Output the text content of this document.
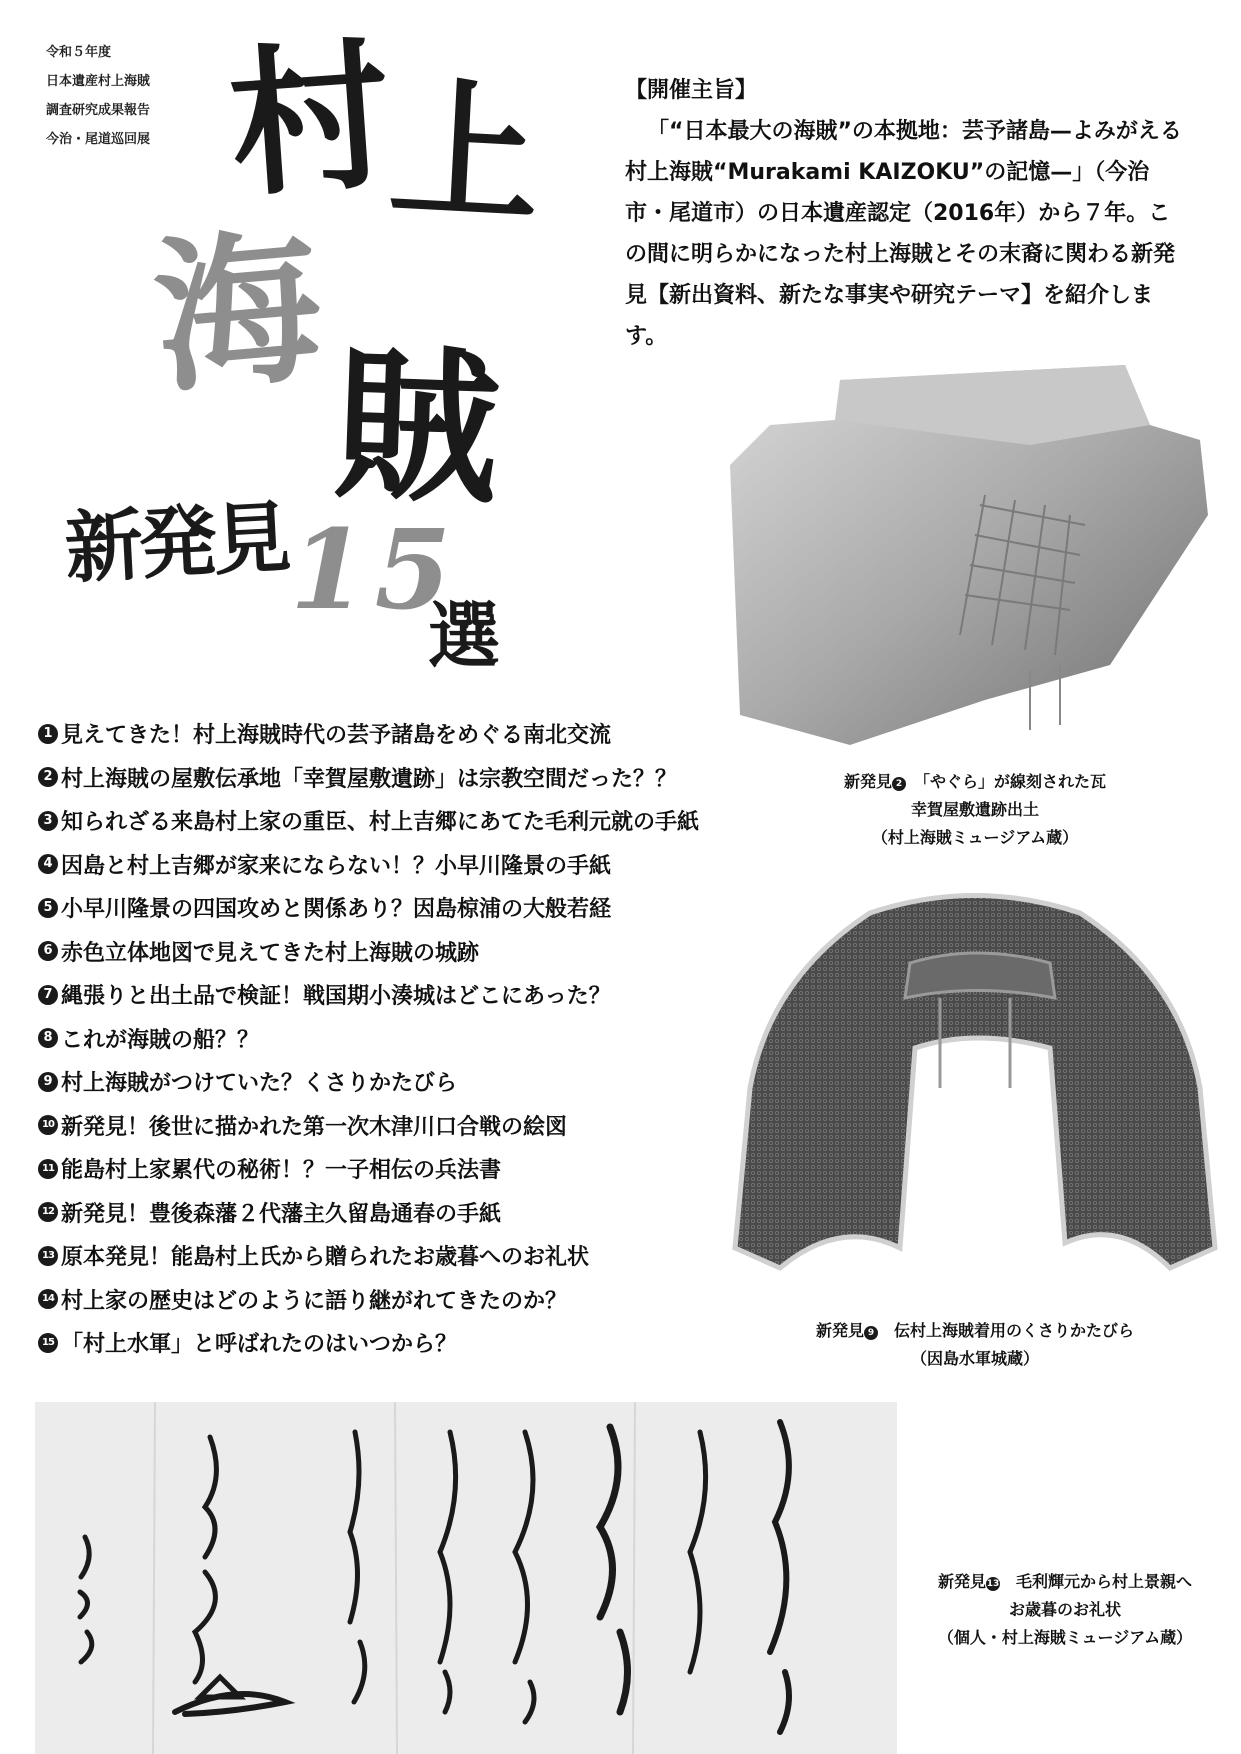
令和５年度
日本遺産村上海賊
調査研究成果報告
今治・尾道巡回展 村
上
海
賊
新発見 15
選
【開催主旨】
「“日本最大の海賊”の本拠地：芸予諸島—よみがえる村上海賊“Murakami KAIZOKU”の記憶—」（今治市・尾道市）の日本遺産認定（2016年）から７年。この間に明らかになった村上海賊とその末裔に関わる新発見【新出資料、新たな事実や研究テーマ】を紹介します。
新発見 2　 「やぐら」が線刻された瓦
幸賀屋敷遺跡出土
（村上海賊ミュージアム蔵）
新発見 9　 伝村上海賊着用のくさりかたびら
（因島水軍城蔵）
1 見えてきた！村上海賊時代の芸予諸島をめぐる南北交流
2 村上海賊の屋敷伝承地「幸賀屋敷遺跡」は宗教空間だった？？
3 知られざる来島村上家の重臣、村上吉郷にあてた毛利元就の手紙
4 因島と村上吉郷が家来にならない！？小早川隆景の手紙
5 小早川隆景の四国攻めと関係あり？因島椋浦の大般若経
6 赤色立体地図で見えてきた村上海賊の城跡
7 縄張りと出土品で検証！戦国期小湊城はどこにあった？
8 これが海賊の船？？
9 村上海賊がつけていた？くさりかたびら
10 新発見！後世に描かれた第一次木津川口合戦の絵図
11 能島村上家累代の秘術！？一子相伝の兵法書
12 新発見！豊後森藩２代藩主久留島通春の手紙
13 原本発見！能島村上氏から贈られたお歳暮へのお礼状
14 村上家の歴史はどのように語り継がれてきたのか？
15 「村上水軍」と呼ばれたのはいつから？
新発見13　 毛利輝元から村上景親へ
お歳暮のお礼状
（個人・村上海賊ミュージアム蔵）
